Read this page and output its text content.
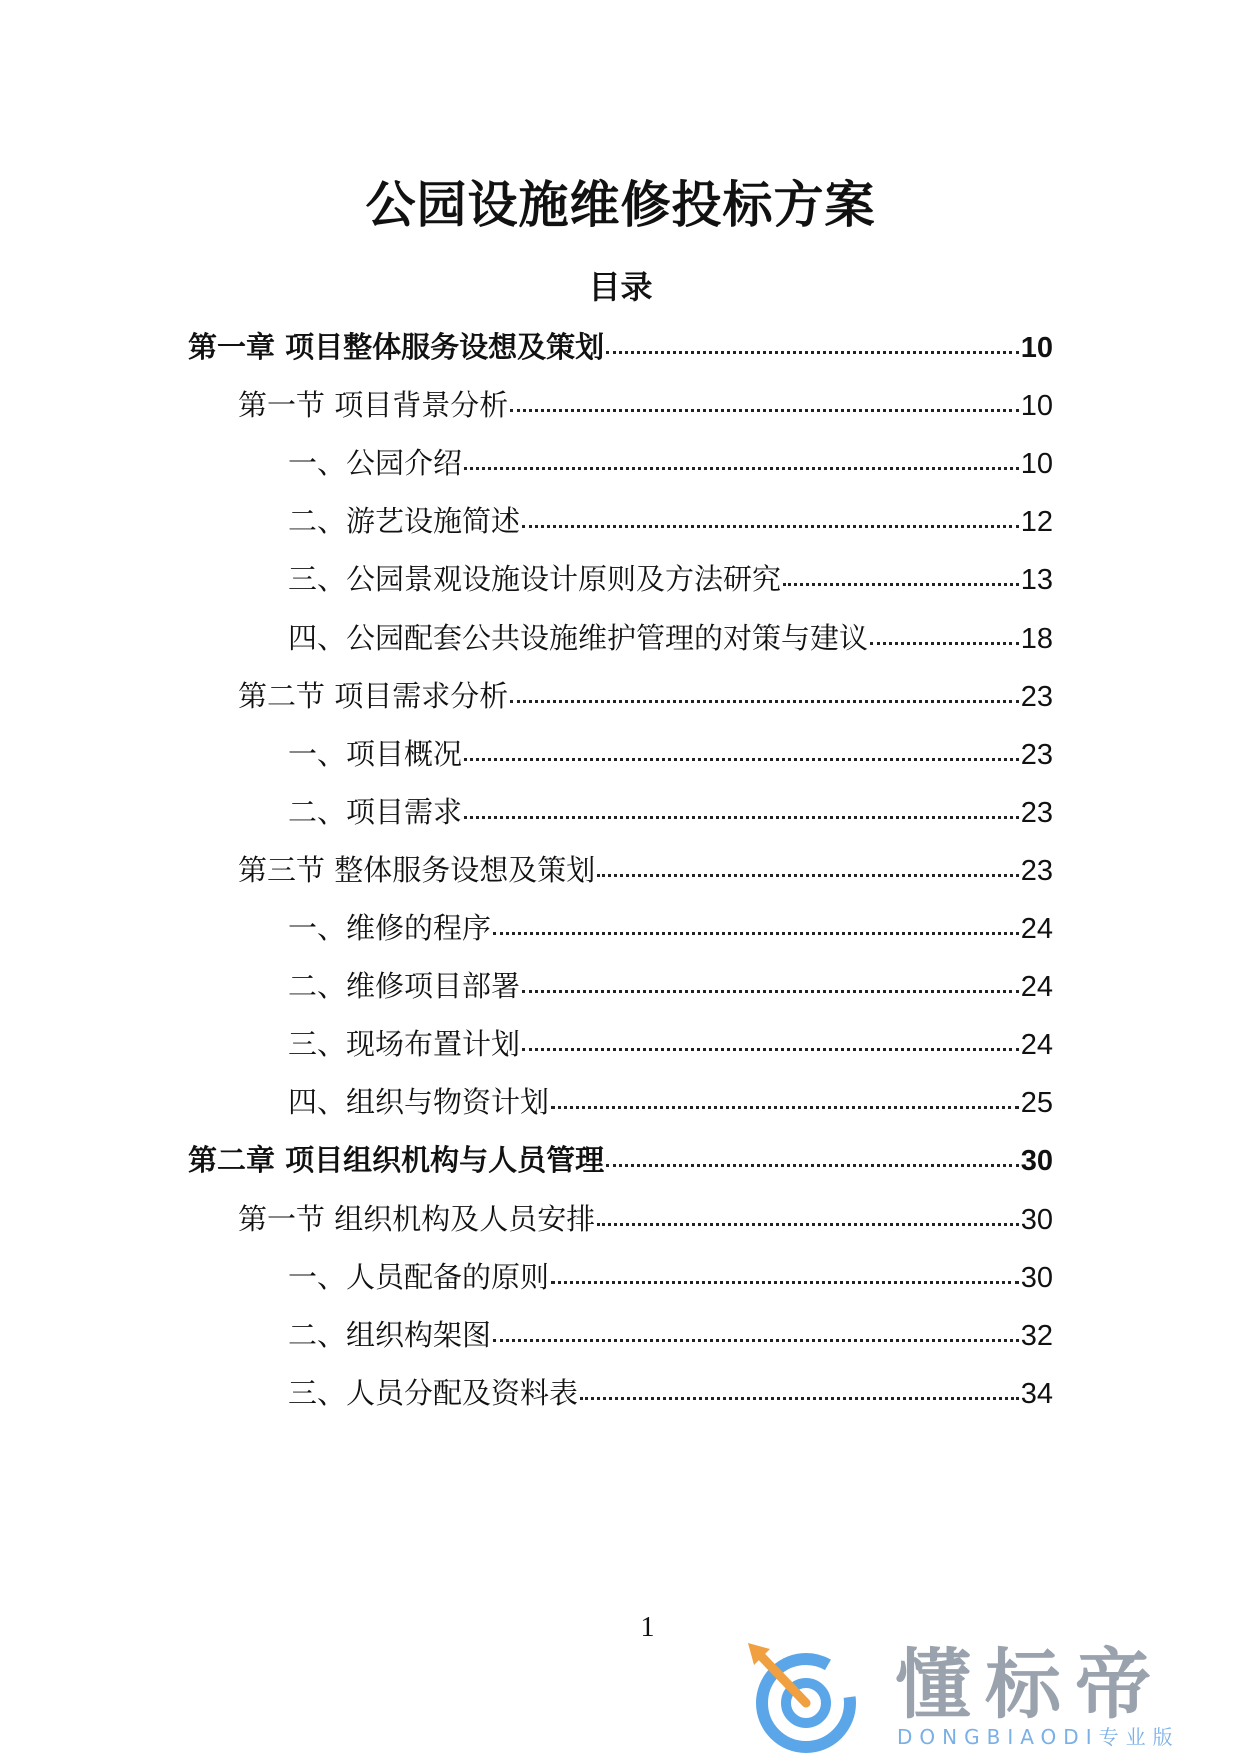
公园设施维修投标方案
目录
第一章 项目整体服务设想及策划	10
第一节 项目背景分析	10
一、公园介绍	10
二、游艺设施简述	12
三、公园景观设施设计原则及方法研究	13
四、公园配套公共设施维护管理的对策与建议	18
第二节 项目需求分析	23
一、项目概况	23
二、项目需求	23
第三节 整体服务设想及策划	23
一、维修的程序	24
二、维修项目部署	24
三、现场布置计划	24
四、组织与物资计划	25
第二章 项目组织机构与人员管理	30
第一节 组织机构及人员安排	30
一、人员配备的原则	30
二、组织构架图	32
三、人员分配及资料表	34
1
懂标帝
DONGBIAODI专业版
